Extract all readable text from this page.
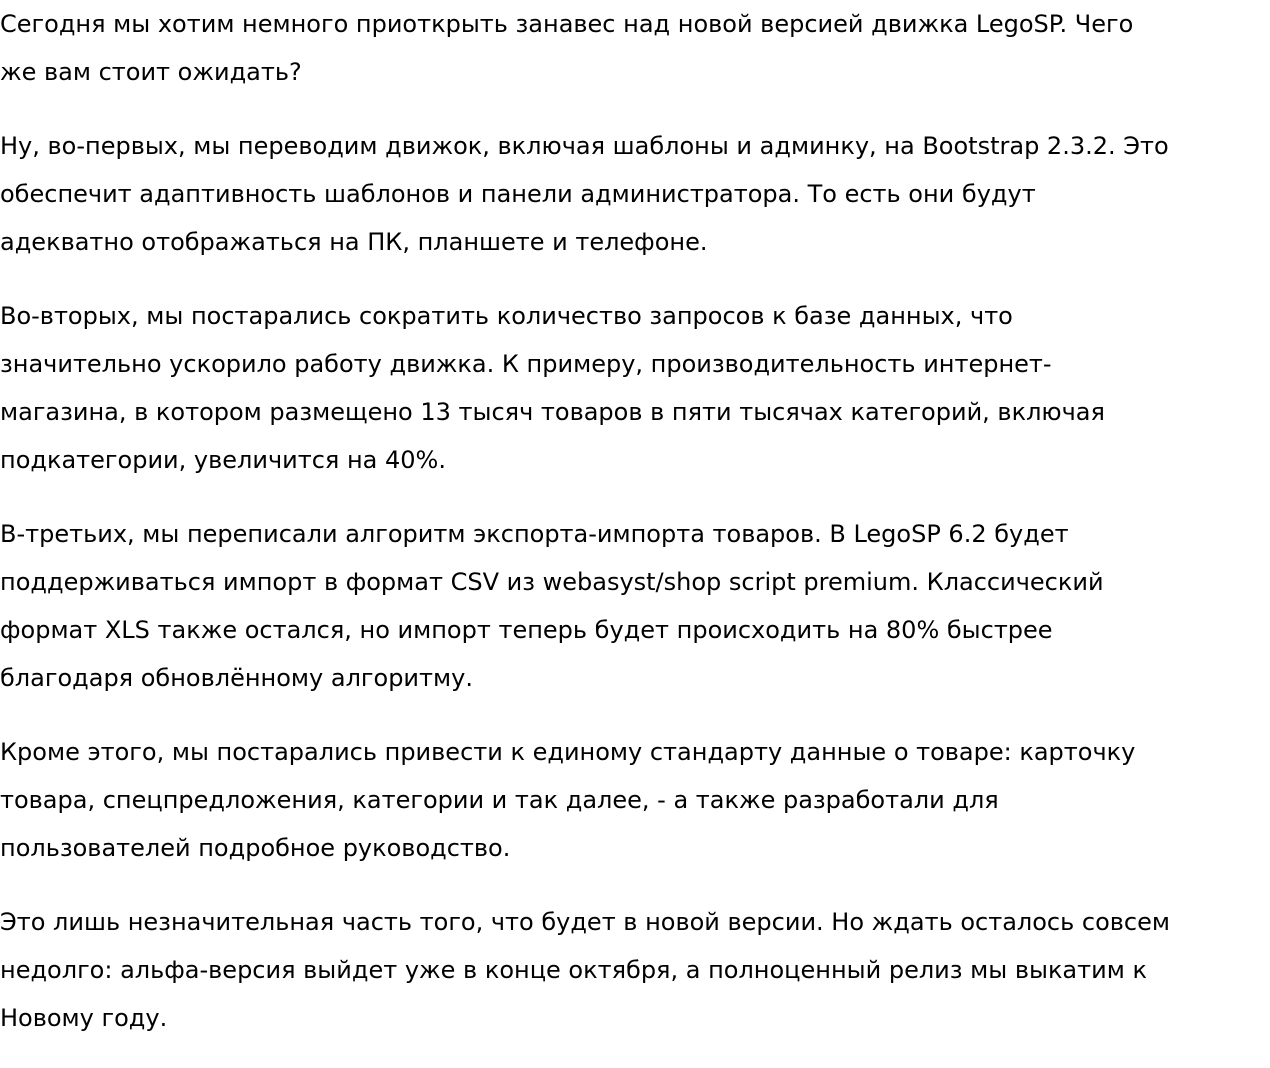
Сегодня мы хотим немного приоткрыть занавес над новой версией движка LegoSP. Чего
же вам стоит ожидать?

Ну, во-первых, мы переводим движок, включая шаблоны и админку, на Bootstrap 2.3.2. Это
обеспечит адаптивность шаблонов и панели администратора. То есть они будут
адекватно отображаться на ПК, планшете и телефоне.

Во-вторых, мы постарались сократить количество запросов к базе данных, что
значительно ускорило работу движка. К примеру, производительность интернет-
магазина, в котором размещено 13 тысяч товаров в пяти тысячах категорий, включая
подкатегории, увеличится на 40%.

В-третьих, мы переписали алгоритм экспорта-импорта товаров. В LegoSP 6.2 будет
поддерживаться импорт в формат CSV из webasyst/shop script premium. Классический
формат XLS также остался, но импорт теперь будет происходить на 80% быстрее
благодаря обновлённому алгоритму.

Кроме этого, мы постарались привести к единому стандарту данные о товаре: карточку
товара, спецпредложения, категории и так далее, - а также разработали для
пользователей подробное руководство.

Это лишь незначительная часть того, что будет в новой версии. Но ждать осталось совсем
недолго: альфа-версия выйдет уже в конце октября, а полноценный релиз мы выкатим к
Новому году.
